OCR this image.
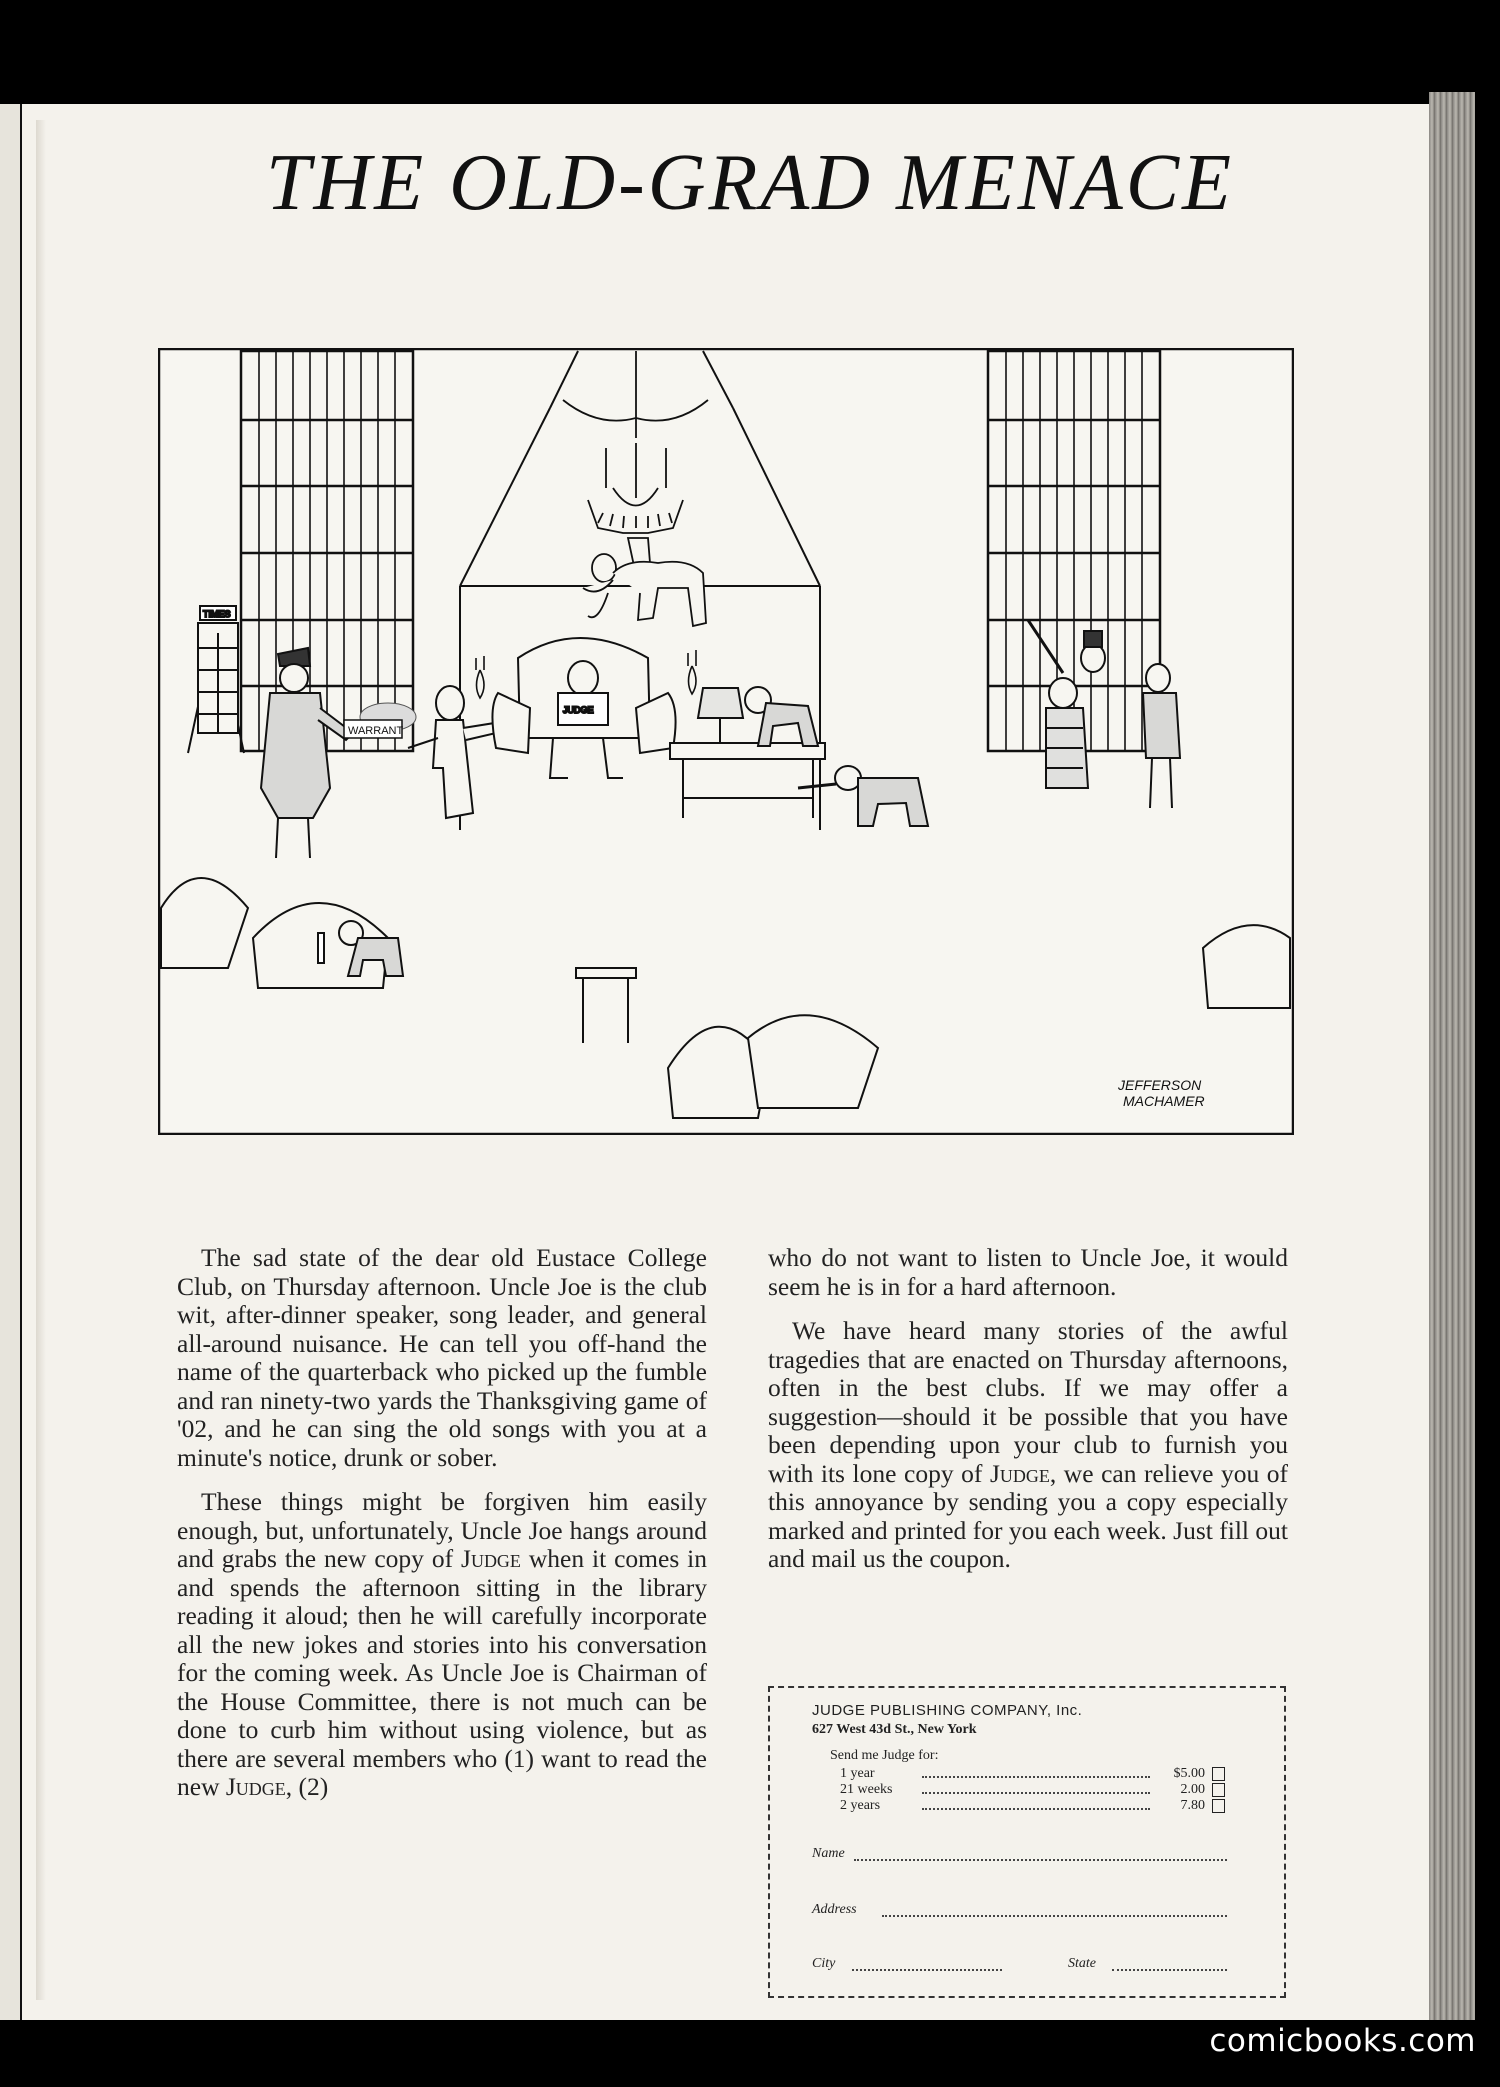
THE OLD-GRAD MENACE
WARRANT
TIMES
JUDGE
JEFFERSON
MACHAMER

The sad state of the dear old Eustace College Club, on Thursday afternoon. Uncle Joe is the club wit, after-dinner speaker, song leader, and general all-around nuisance. He can tell you off-hand the name of the quarterback who picked up the fumble and ran ninety-two yards the Thanksgiving game of '02, and he can sing the old songs with you at a minute's notice, drunk or sober.

These things might be forgiven him easily enough, but, unfortunately, Uncle Joe hangs around and grabs the new copy of Judge when it comes in and spends the afternoon sitting in the library reading it aloud; then he will carefully incorporate all the new jokes and stories into his conversation for the coming week. As Uncle Joe is Chairman of the House Committee, there is not much can be done to curb him without using violence, but as there are several members who (1) want to read the new Judge, (2)

who do not want to listen to Uncle Joe, it would seem he is in for a hard afternoon.

We have heard many stories of the awful tragedies that are enacted on Thursday afternoons, often in the best clubs. If we may offer a suggestion—should it be possible that you have been depending upon your club to furnish you with its lone copy of Judge, we can relieve you of this annoyance by sending you a copy especially marked and printed for you each week. Just fill out and mail us the coupon.

JUDGE PUBLISHING COMPANY, Inc.
627 West 43d St., New York
Send me Judge for:
1 year	$5.00
21 weeks	2.00
2 years	7.80
Name
Address
City	State
comicbooks.com
